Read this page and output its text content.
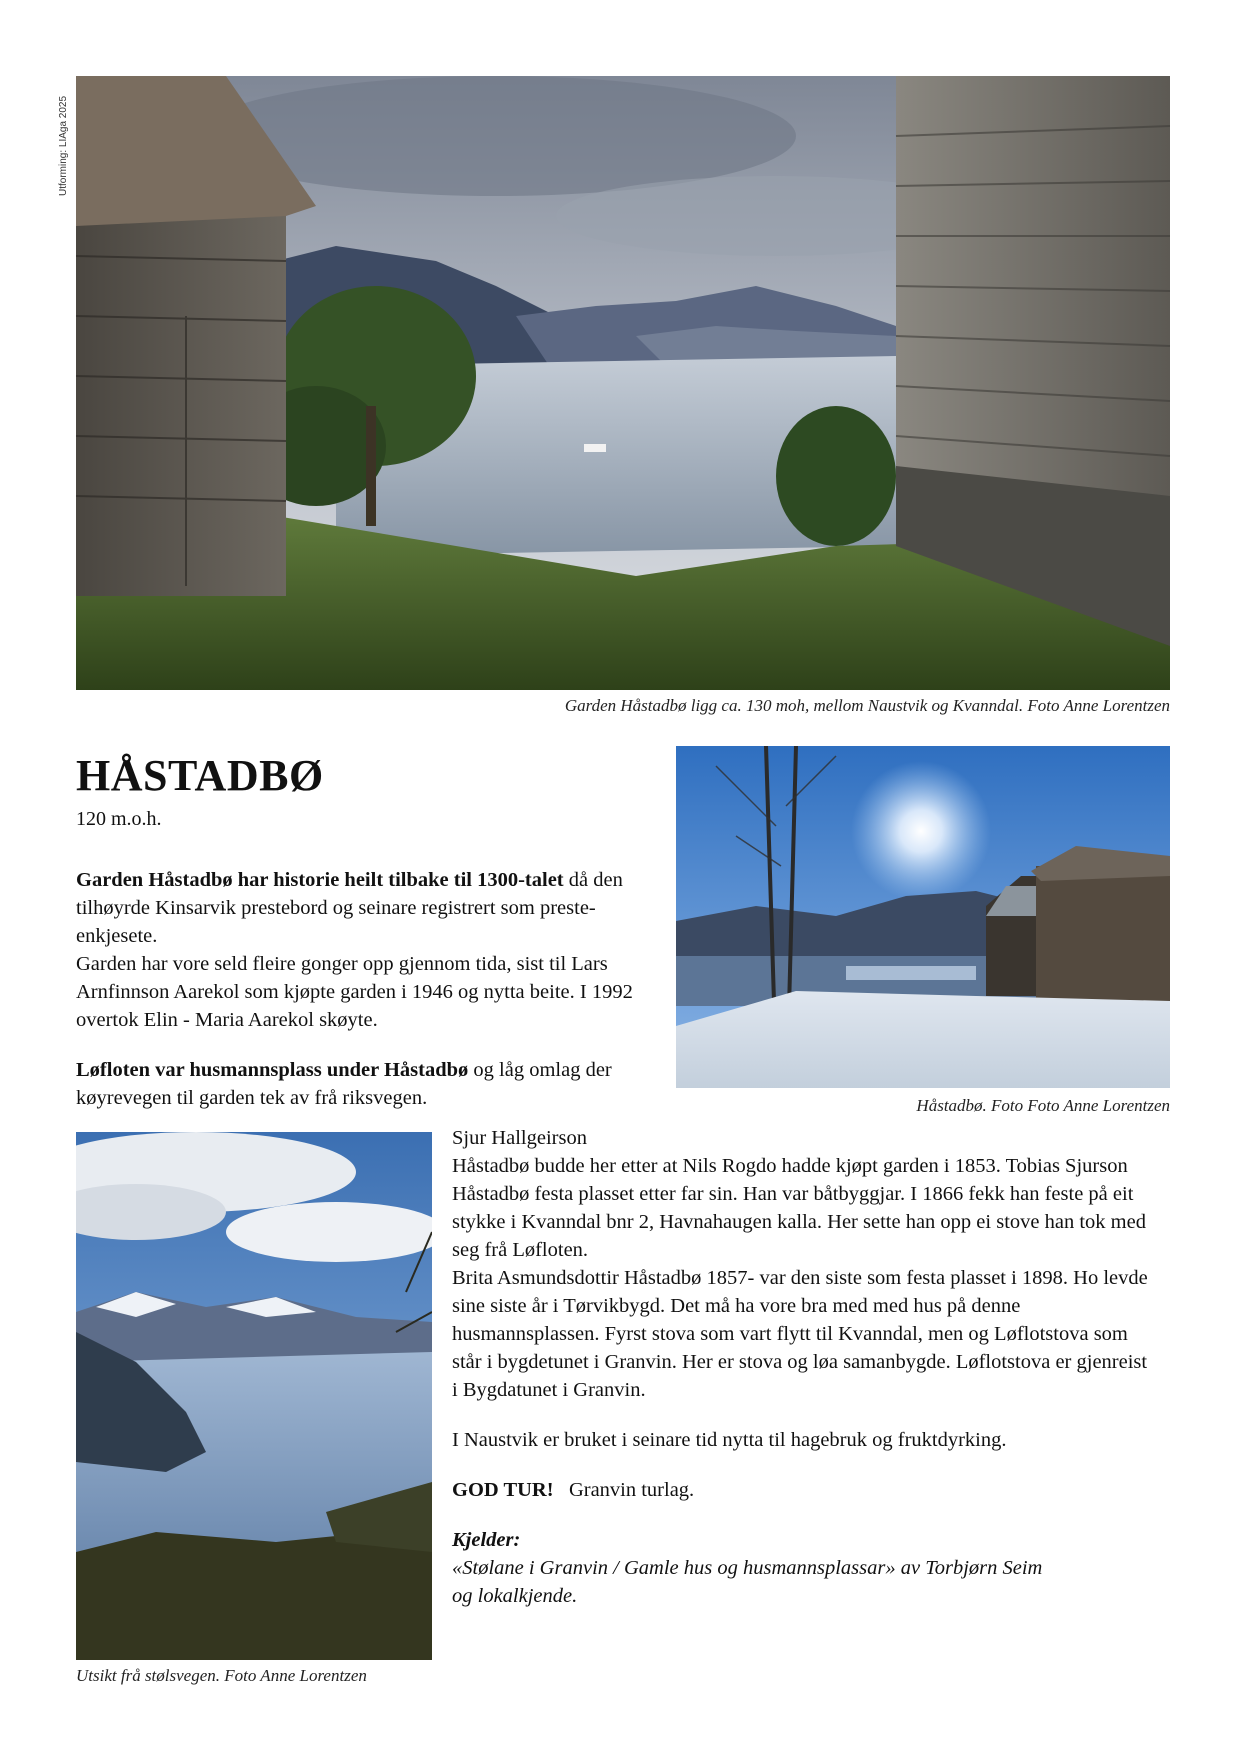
Utforming: LIAga 2025
Garden Håstadbø ligg ca. 130 moh, mellom Naustvik og Kvanndal. Foto Anne Lorentzen
HÅSTADBØ
120 m.o.h.

Garden Håstadbø har historie heilt tilbake til 1300-talet då den tilhøyrde Kinsarvik prestebord og seinare registrert som preste-enkjesete.

Garden har vore seld fleire gonger opp gjennom tida, sist til Lars Arnfinnson Aarekol som kjøpte garden i 1946 og nytta beite. I 1992 overtok Elin - Maria Aarekol skøyte.

Løfloten var husmannsplass under Håstadbø og låg omlag der køyrevegen til garden tek av frå riksvegen.	Håstadbø. Foto Foto Anne Lorentzen
Utsikt frå stølsvegen. Foto Anne Lorentzen

Sjur Hallgeirson

Håstadbø budde her etter at Nils Rogdo hadde kjøpt garden i 1853. Tobias Sjurson Håstadbø festa plasset etter far sin. Han var båtbyggjar. I 1866 fekk han feste på eit stykke i Kvanndal bnr 2, Havnahaugen kalla. Her sette han opp ei stove han tok med seg frå Løfloten.

Brita Asmundsdottir Håstadbø 1857- var den siste som festa plasset i 1898. Ho levde sine siste år i Tørvikbygd. Det må ha vore bra med med hus på denne husmannsplassen. Fyrst stova som vart flytt til Kvanndal, men og Løflotstova som står i bygdetunet i Granvin. Her er stova og løa samanbygde. Løflotstova er gjenreist i Bygdatunet i Granvin.

I Naustvik er bruket i seinare tid nytta til hagebruk og fruktdyrking.

GOD TUR! Granvin turlag.

Kjelder:
«Stølane i Granvin / Gamle hus og husmannsplassar» av Torbjørn Seim
og lokalkjende.
